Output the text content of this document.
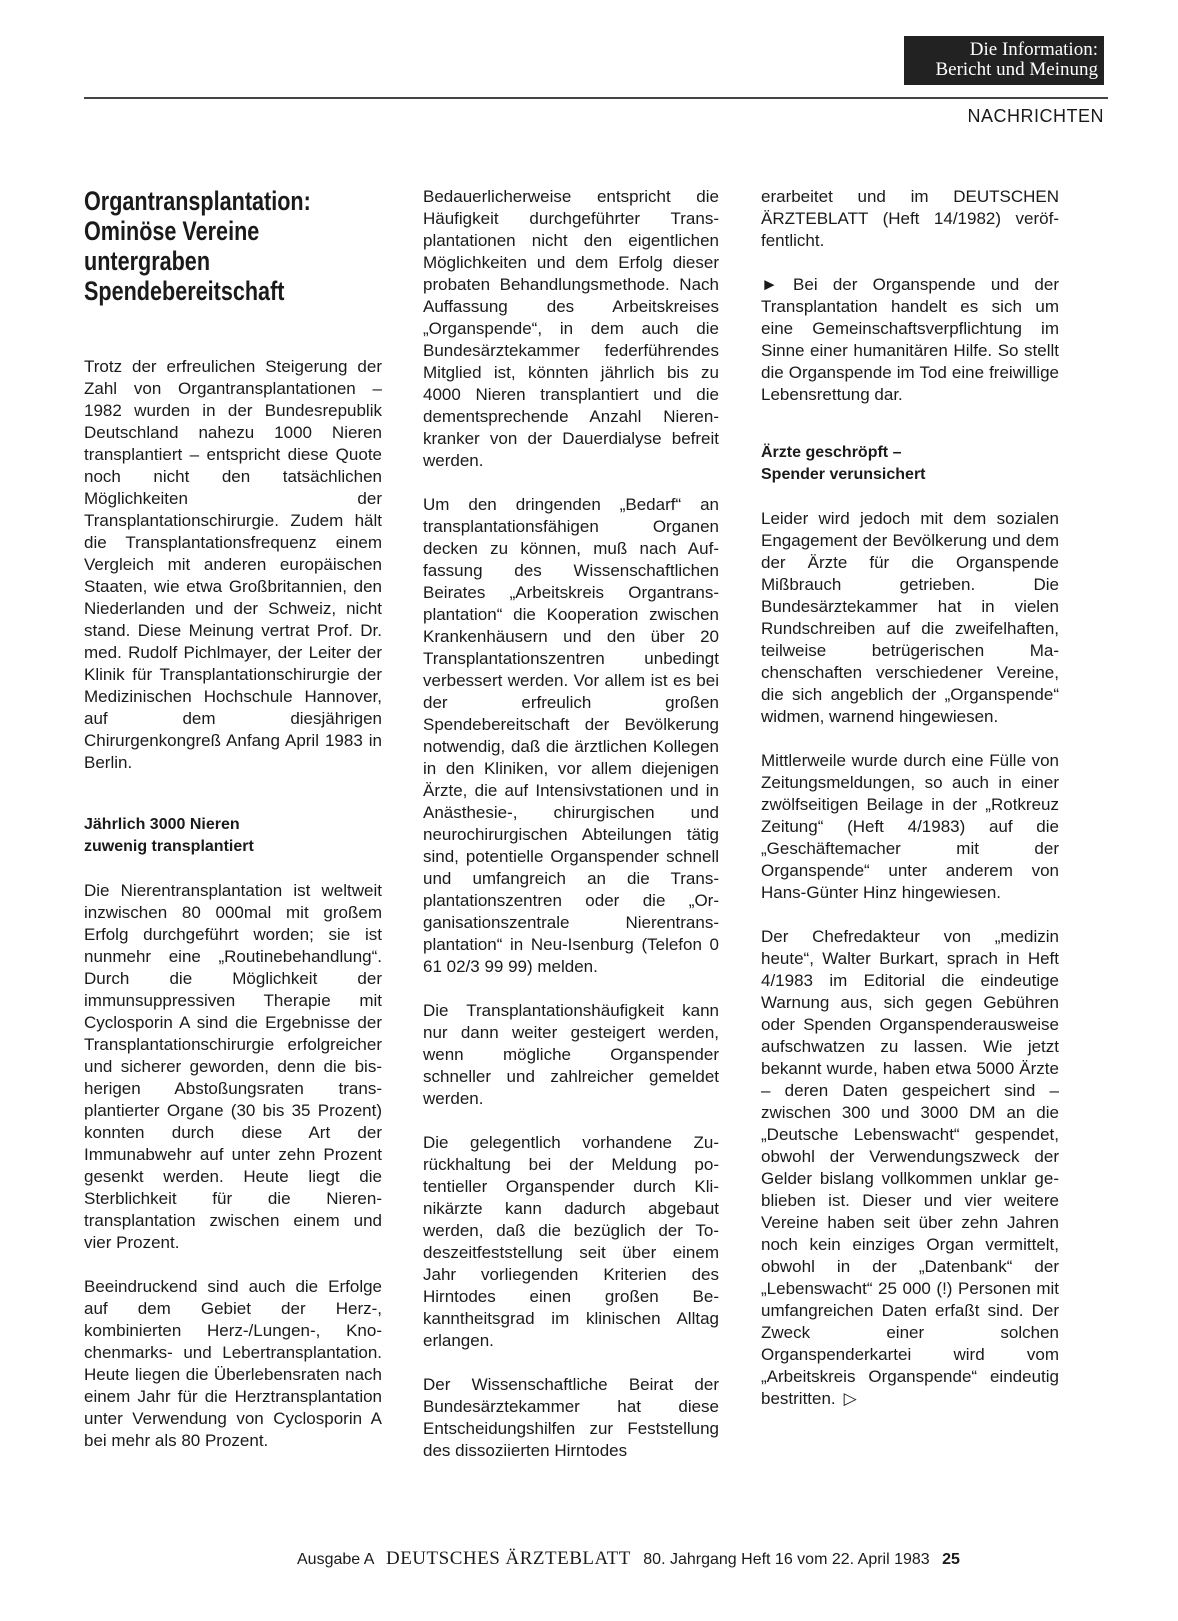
Die Information:
Bericht und Meinung
NACHRICHTEN
Organtransplantation: Ominöse Vereine untergraben Spendebereitschaft

Trotz der erfreulichen Steigerung der Zahl von Organtransplantationen – 1982 wurden in der Bundesrepublik Deutschland nahezu 1000 Nieren transplantiert – entspricht diese Quote noch nicht den tatsächlichen Möglichkeiten der Transplantationschirurgie. Zudem hält die Transplantationsfrequenz einem Vergleich mit anderen europäischen Staaten, wie etwa Großbritannien, den Niederlanden und der Schweiz, nicht stand. Diese Meinung vertrat Prof. Dr. med. Rudolf Pichlmayer, der Leiter der Klinik für Transplantationschirurgie der Medizinischen Hochschule Hannover, auf dem diesjährigen Chirurgenkongreß Anfang April 1983 in Berlin.

Jährlich 3000 Nieren
zuwenig transplantiert

Die Nierentransplantation ist weltweit inzwischen 80 000mal mit großem Erfolg durchgeführt worden; sie ist nunmehr eine „Routinebehandlung“. Durch die Möglichkeit der immunsuppressiven Therapie mit Cyclosporin A sind die Ergebnisse der Transplantationschirurgie erfolgreicher und sicherer geworden, denn die bisherigen Abstoßungsraten transplantierter Organe (30 bis 35 Prozent) konnten durch diese Art der Immunabwehr auf unter zehn Prozent gesenkt werden. Heute liegt die Sterblichkeit für die Nierentransplantation zwischen einem und vier Prozent.

Beeindruckend sind auch die Erfolge auf dem Gebiet der Herz-, kombinierten Herz-/Lungen-, Knochenmarks- und Lebertransplantation. Heute liegen die Überlebensraten nach einem Jahr für die Herztransplantation unter Verwendung von Cyclosporin A bei mehr als 80 Prozent.

Bedauerlicherweise entspricht die Häufigkeit durchgeführter Transplantationen nicht den eigentlichen Möglichkeiten und dem Erfolg dieser probaten Behandlungsmethode. Nach Auffassung des Arbeitskreises „Organspende“, in dem auch die Bundesärztekammer federführendes Mitglied ist, könnten jährlich bis zu 4000 Nieren transplantiert und die dementsprechende Anzahl Nierenkranker von der Dauerdialyse befreit werden.

Um den dringenden „Bedarf“ an transplantationsfähigen Organen decken zu können, muß nach Auffassung des Wissenschaftlichen Beirates „Arbeitskreis Organtransplantation“ die Kooperation zwischen Krankenhäusern und den über 20 Transplantationszentren unbedingt verbessert werden. Vor allem ist es bei der erfreulich großen Spendebereitschaft der Bevölkerung notwendig, daß die ärztlichen Kollegen in den Kliniken, vor allem diejenigen Ärzte, die auf Intensivstationen und in Anästhesie-, chirurgischen und neurochirurgischen Abteilungen tätig sind, potentielle Organspender schnell und umfangreich an die Transplantationszentren oder die „Organisationszentrale Nierentransplantation“ in Neu-Isenburg (Telefon 0 61 02/3 99 99) melden.

Die Transplantationshäufigkeit kann nur dann weiter gesteigert werden, wenn mögliche Organspender schneller und zahlreicher gemeldet werden.

Die gelegentlich vorhandene Zurückhaltung bei der Meldung potentieller Organspender durch Klinikärzte kann dadurch abgebaut werden, daß die bezüglich der Todeszeitfeststellung seit über einem Jahr vorliegenden Kriterien des Hirntodes einen großen Bekanntheitsgrad im klinischen Alltag erlangen.

Der Wissenschaftliche Beirat der Bundesärztekammer hat diese Entscheidungshilfen zur Feststellung des dissoziierten Hirntodes

erarbeitet und im DEUTSCHEN ÄRZTEBLATT (Heft 14/1982) veröffentlicht.

► Bei der Organspende und der Transplantation handelt es sich um eine Gemeinschaftsverpflichtung im Sinne einer humanitären Hilfe. So stellt die Organspende im Tod eine freiwillige Lebensrettung dar.

Ärzte geschröpft –
Spender verunsichert

Leider wird jedoch mit dem sozialen Engagement der Bevölkerung und dem der Ärzte für die Organspende Mißbrauch getrieben. Die Bundesärztekammer hat in vielen Rundschreiben auf die zweifelhaften, teilweise betrügerischen Machenschaften verschiedener Vereine, die sich angeblich der „Organspende“ widmen, warnend hingewiesen.

Mittlerweile wurde durch eine Fülle von Zeitungsmeldungen, so auch in einer zwölfseitigen Beilage in der „Rotkreuz Zeitung“ (Heft 4/1983) auf die „Geschäftemacher mit der Organspende“ unter anderem von Hans-Günter Hinz hingewiesen.

Der Chefredakteur von „medizin heute“, Walter Burkart, sprach in Heft 4/1983 im Editorial die eindeutige Warnung aus, sich gegen Gebühren oder Spenden Organspenderausweise aufschwatzen zu lassen. Wie jetzt bekannt wurde, haben etwa 5000 Ärzte – deren Daten gespeichert sind – zwischen 300 und 3000 DM an die „Deutsche Lebenswacht“ gespendet, obwohl der Verwendungszweck der Gelder bislang vollkommen unklar geblieben ist. Dieser und vier weitere Vereine haben seit über zehn Jahren noch kein einziges Organ vermittelt, obwohl in der „Datenbank“ der „Lebenswacht“ 25 000 (!) Personen mit umfangreichen Daten erfaßt sind. Der Zweck einer solchen Organspenderkartei wird vom „Arbeitskreis Organspende“ eindeutig bestritten. ▷

Ausgabe A DEUTSCHES ÄRZTEBLATT 80. Jahrgang Heft 16 vom 22. April 1983 25
